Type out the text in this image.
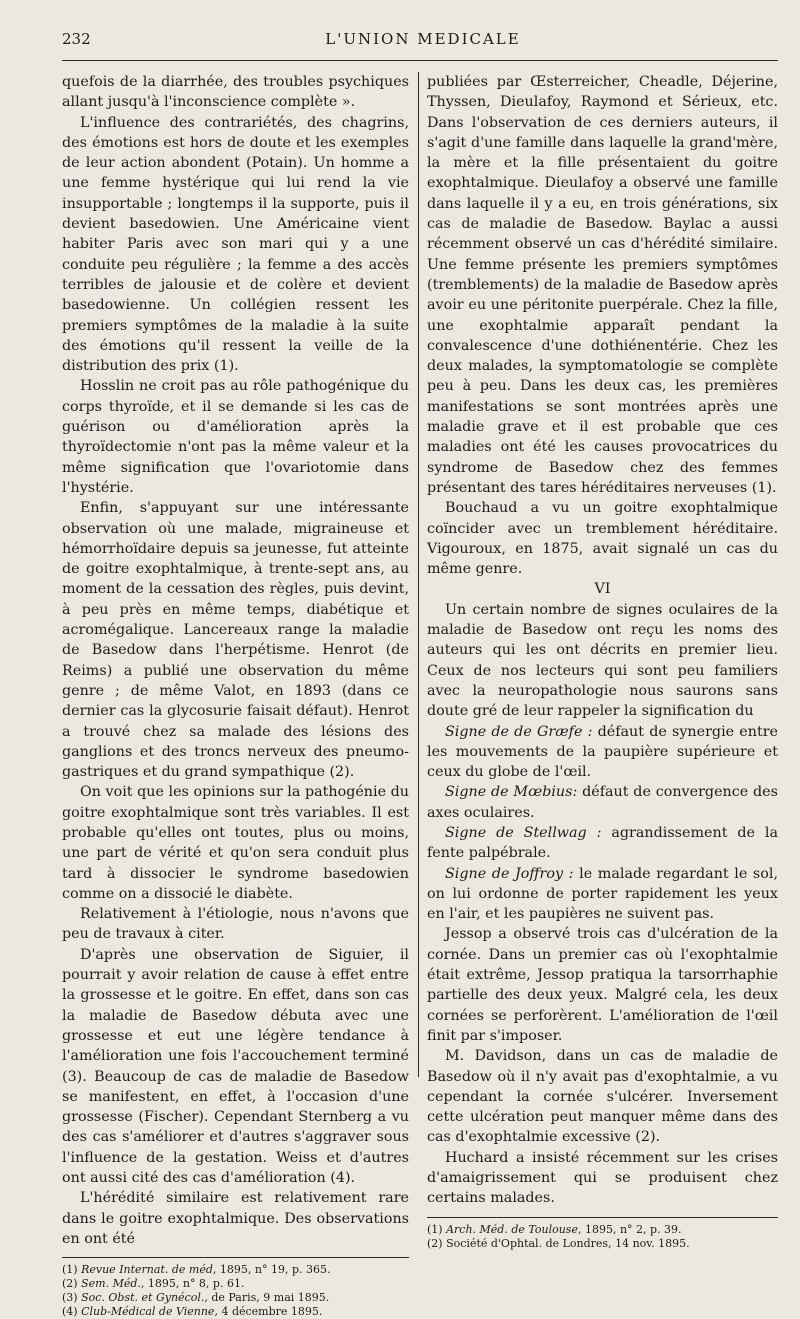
232	L'UNION MEDICALE

quefois de la diarrhée, des troubles psychiques allant jusqu'à l'inconscience complète ».

L'influence des contrariétés, des chagrins, des émotions est hors de doute et les exemples de leur action abondent (Potain). Un homme a une femme hystérique qui lui rend la vie insupportable ; longtemps il la supporte, puis il devient basedowien. Une Américaine vient habiter Paris avec son mari qui y a une conduite peu régulière ; la femme a des accès terribles de jalousie et de colère et devient basedowienne. Un collégien ressent les premiers symptômes de la maladie à la suite des émotions qu'il ressent la veille de la distribution des prix (1).

Hosslin ne croit pas au rôle pathogénique du corps thyroïde, et il se demande si les cas de guérison ou d'amélioration après la thyroïdectomie n'ont pas la même valeur et la même signification que l'ovariotomie dans l'hystérie.

Enfin, s'appuyant sur une intéressante observation où une malade, migraineuse et hémorrhoïdaire depuis sa jeunesse, fut atteinte de goitre exophtalmique, à trente-sept ans, au moment de la cessation des règles, puis devint, à peu près en même temps, diabétique et acromégalique. Lancereaux range la maladie de Basedow dans l'herpétisme. Henrot (de Reims) a publié une observation du même genre ; de même Valot, en 1893 (dans ce dernier cas la glycosurie faisait défaut). Henrot a trouvé chez sa malade des lésions des ganglions et des troncs nerveux des pneumo-gastriques et du grand sympathique (2).

On voit que les opinions sur la pathogénie du goitre exophtalmique sont très variables. Il est probable qu'elles ont toutes, plus ou moins, une part de vérité et qu'on sera conduit plus tard à dissocier le syndrome basedowien comme on a dissocié le diabète.

Relativement à l'étiologie, nous n'avons que peu de travaux à citer.

D'après une observation de Siguier, il pourrait y avoir relation de cause à effet entre la grossesse et le goitre. En effet, dans son cas la maladie de Basedow débuta avec une grossesse et eut une légère tendance à l'amélioration une fois l'accouchement terminé (3). Beaucoup de cas de maladie de Basedow se manifestent, en effet, à l'occasion d'une grossesse (Fischer). Cependant Sternberg a vu des cas s'améliorer et d'autres s'aggraver sous l'influence de la gestation. Weiss et d'autres ont aussi cité des cas d'amélioration (4).

L'hérédité similaire est relativement rare dans le goitre exophtalmique. Des observations en ont été

(1) Revue Internat. de méd, 1895, n° 19, p. 365.

(2) Sem. Méd., 1895, n° 8, p. 61.

(3) Soc. Obst. et Gynécol., de Paris, 9 mai 1895.

(4) Club-Médical de Vienne, 4 décembre 1895.

publiées par Œsterreicher, Cheadle, Déjerine, Thyssen, Dieulafoy, Raymond et Sérieux, etc. Dans l'observation de ces derniers auteurs, il s'agit d'une famille dans laquelle la grand'mère, la mère et la fille présentaient du goitre exophtalmique. Dieulafoy a observé une famille dans laquelle il y a eu, en trois générations, six cas de maladie de Basedow. Baylac a aussi récemment observé un cas d'hérédité similaire. Une femme présente les premiers symptômes (tremblements) de la maladie de Basedow après avoir eu une péritonite puerpérale. Chez la fille, une exophtalmie apparaît pendant la convalescence d'une dothiénentérie. Chez les deux malades, la symptomatologie se complète peu à peu. Dans les deux cas, les premières manifestations se sont montrées après une maladie grave et il est probable que ces maladies ont été les causes provocatrices du syndrome de Basedow chez des femmes présentant des tares héréditaires nerveuses (1).

Bouchaud a vu un goitre exophtalmique coïncider avec un tremblement héréditaire. Vigouroux, en 1875, avait signalé un cas du même genre.

VI

Un certain nombre de signes oculaires de la maladie de Basedow ont reçu les noms des auteurs qui les ont décrits en premier lieu. Ceux de nos lecteurs qui sont peu familiers avec la neuropathologie nous saurons sans doute gré de leur rappeler la signification du

Signe de de Græfe : défaut de synergie entre les mouvements de la paupière supérieure et ceux du globe de l'œil.

Signe de Mœbius: défaut de convergence des axes oculaires.

Signe de Stellwag : agrandissement de la fente palpébrale.

Signe de Joffroy : le malade regardant le sol, on lui ordonne de porter rapidement les yeux en l'air, et les paupières ne suivent pas.

Jessop a observé trois cas d'ulcération de la cornée. Dans un premier cas où l'exophtalmie était extrême, Jessop pratiqua la tarsorrhaphie partielle des deux yeux. Malgré cela, les deux cornées se perforèrent. L'amélioration de l'œil finit par s'imposer.

M. Davidson, dans un cas de maladie de Basedow où il n'y avait pas d'exophtalmie, a vu cependant la cornée s'ulcérer. Inversement cette ulcération peut manquer même dans des cas d'exophtalmie excessive (2).

Huchard a insisté récemment sur les crises d'amaigrissement qui se produisent chez certains malades.

(1) Arch. Méd. de Toulouse, 1895, n° 2, p. 39.

(2) Société d'Ophtal. de Londres, 14 nov. 1895.
